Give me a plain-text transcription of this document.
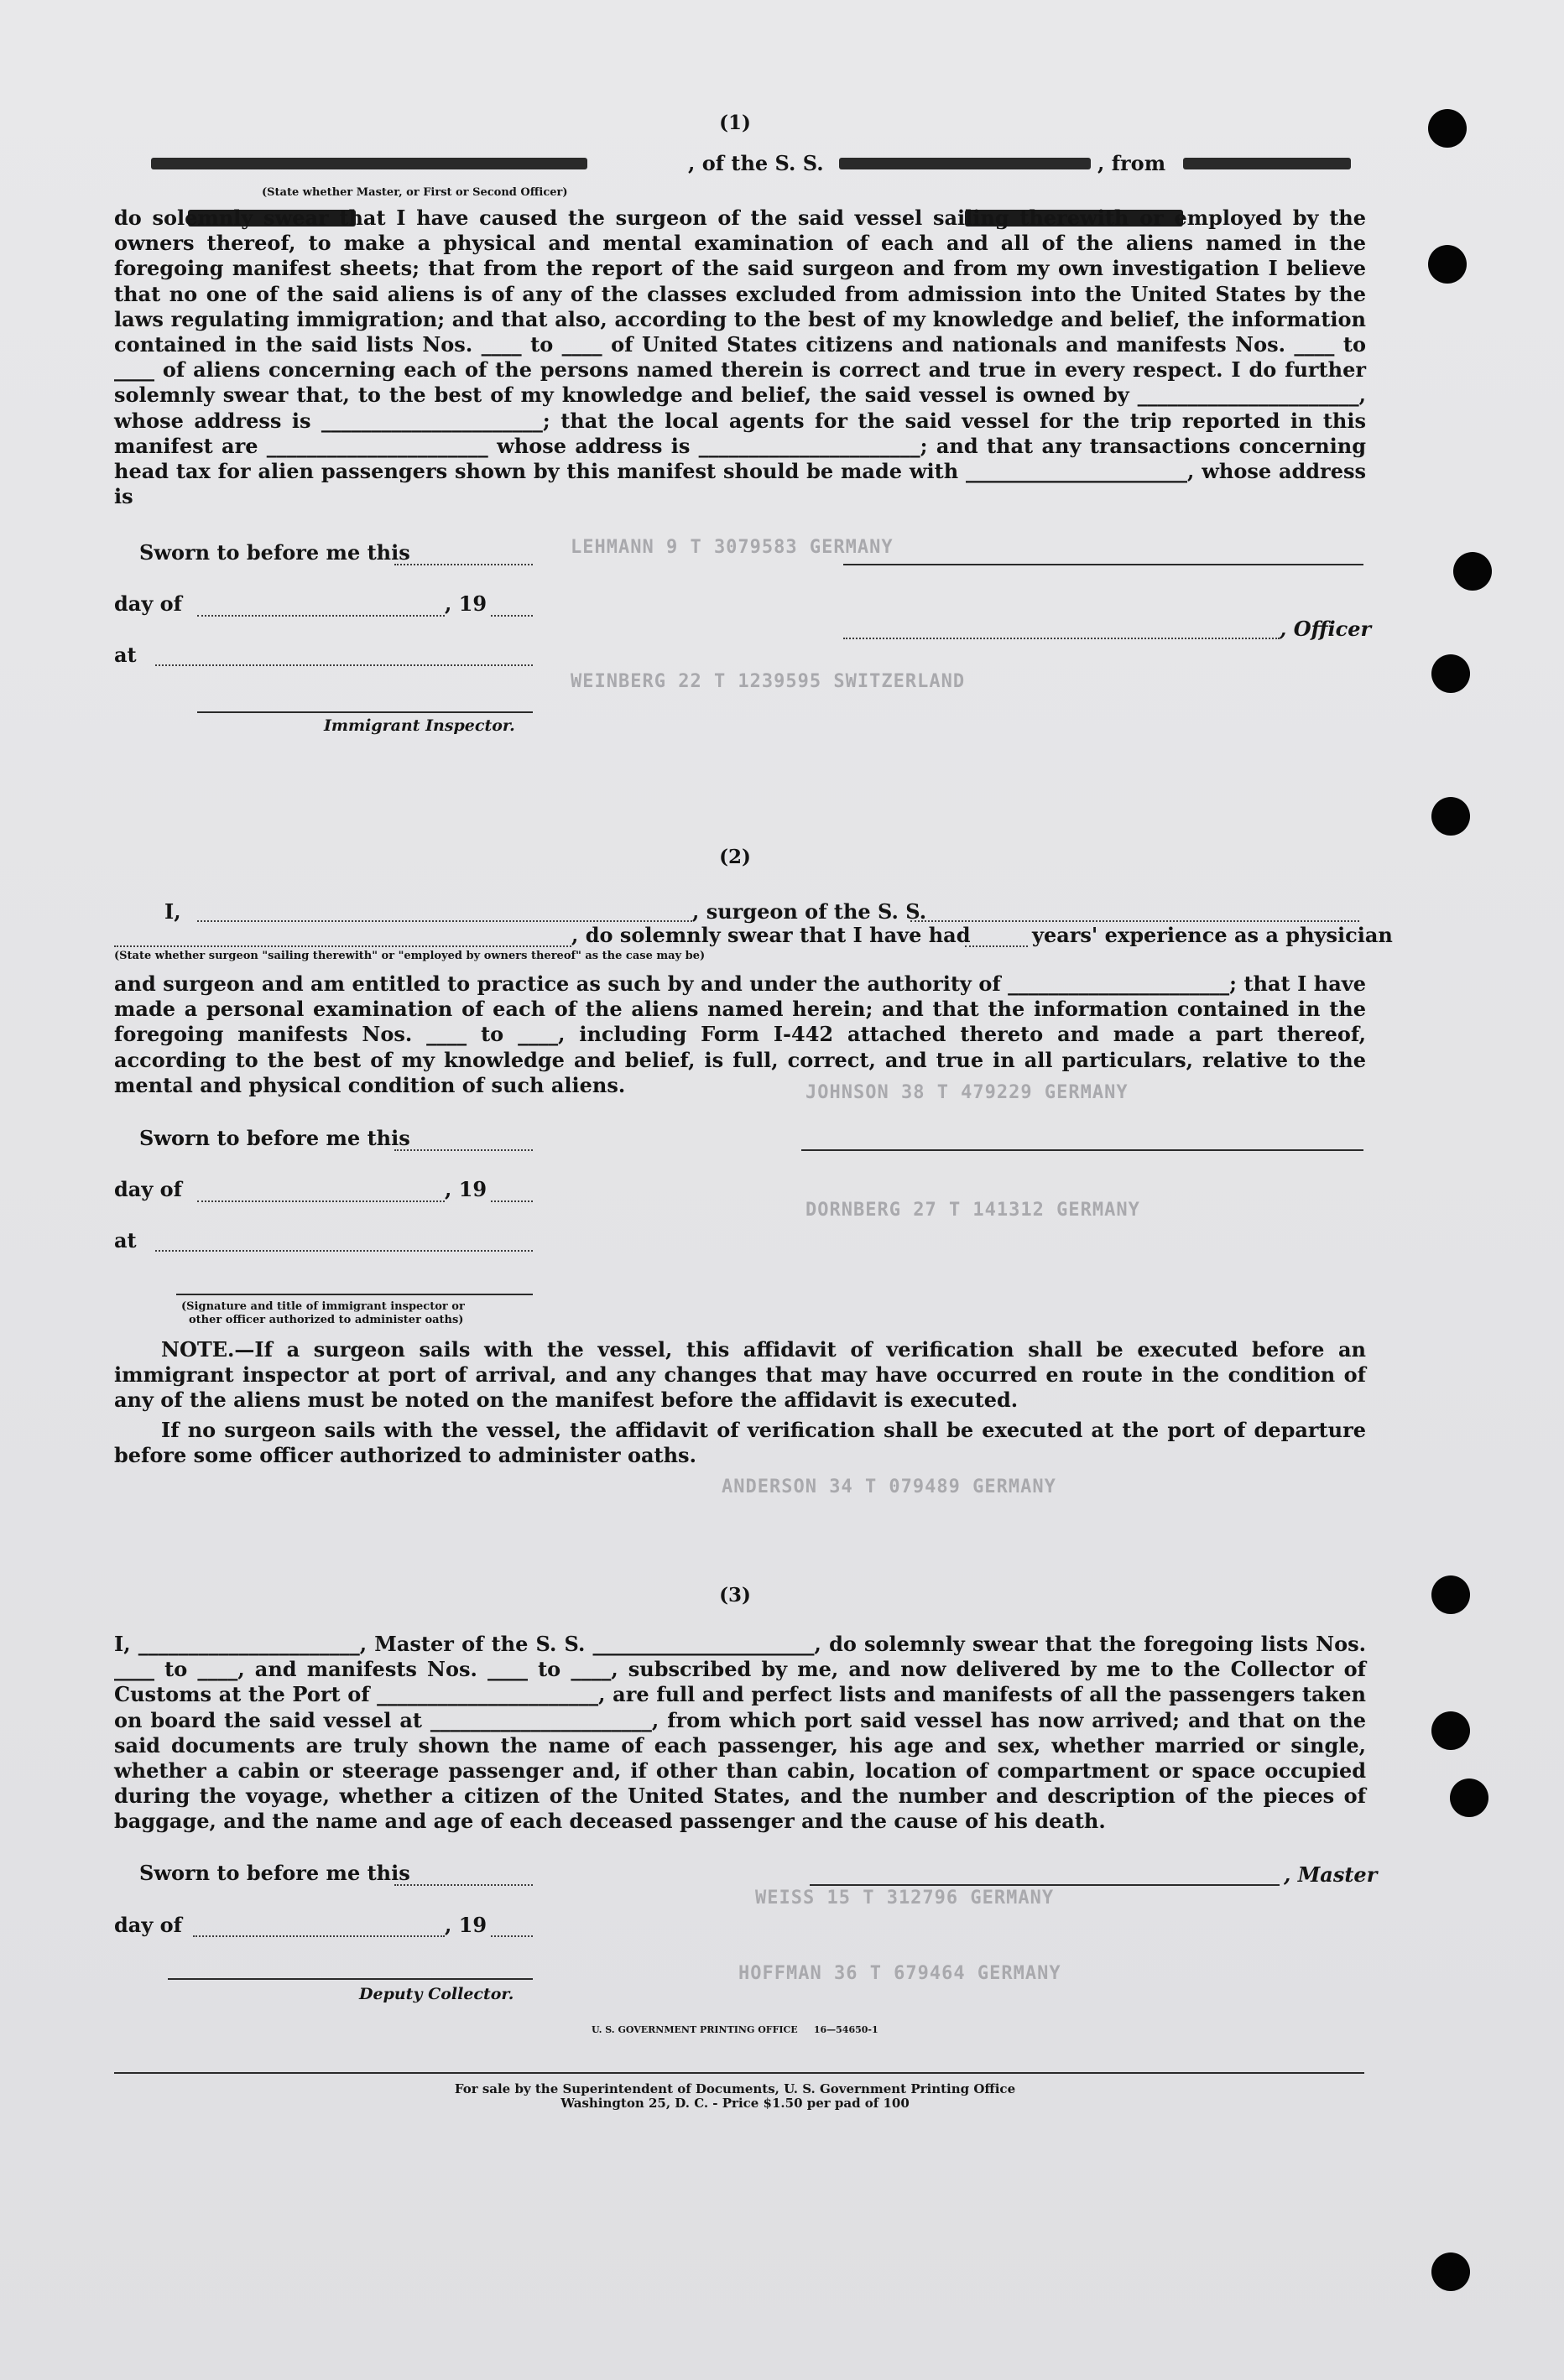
LEHMANN 9 T 3079583 GERMANY
WEINBERG 22 T 1239595 SWITZERLAND
JOHNSON 38 T 479229 GERMANY
DORNBERG 27 T 141312 GERMANY
ANDERSON 34 T 079489 GERMANY
WEISS 15 T 312796 GERMANY
HOFFMAN 36 T 679464 GERMANY
(1)
, of the S. S.	, from
(State whether Master, or First or Second Officer)
do solemnly swear that I have caused the surgeon of the said vessel sailing therewith or employed by the owners thereof, to make a physical and mental examination of each and all of the aliens named in the foregoing manifest sheets; that from the report of the said surgeon and from my own investigation I believe that no one of the said aliens is of any of the classes excluded from admission into the United States by the laws regulating immigration; and that also, according to the best of my knowledge and belief, the information contained in the said lists Nos. ____ to ____ of United States citizens and nationals and manifests Nos. ____ to ____ of aliens concerning each of the persons named therein is correct and true in every respect. I do further solemnly swear that, to the best of my knowledge and belief, the said vessel is owned by ______________________, whose address is ______________________; that the local agents for the said vessel for the trip reported in this manifest are ______________________ whose address is ______________________; and that any transactions concerning head tax for alien passengers shown by this manifest should be made with ______________________, whose address is
Sworn to before me this
day of	, 19
, Officer
at
Immigrant Inspector.
(2)
I,	, surgeon of the S. S.
, do solemnly swear that I have had	years' experience as a physician
(State whether surgeon "sailing therewith" or "employed by owners thereof" as the case may be)
and surgeon and am entitled to practice as such by and under the authority of ______________________; that I have made a personal examination of each of the aliens named herein; and that the information contained in the foregoing manifests Nos. ____ to ____, including Form I-442 attached thereto and made a part thereof, according to the best of my knowledge and belief, is full, correct, and true in all particulars, relative to the mental and physical condition of such aliens.
Sworn to before me this
day of	, 19
at
(Signature and title of immigrant inspector or
other officer authorized to administer oaths)
NOTE.—If a surgeon sails with the vessel, this affidavit of verification shall be executed before an immigrant inspector at port of arrival, and any changes that may have occurred en route in the condition of any of the aliens must be noted on the manifest before the affidavit is executed.
If no surgeon sails with the vessel, the affidavit of verification shall be executed at the port of departure before some officer authorized to administer oaths.
(3)
I, ______________________, Master of the S. S. ______________________, do solemnly swear that the foregoing lists Nos. ____ to ____, and manifests Nos. ____ to ____, subscribed by me, and now delivered by me to the Collector of Customs at the Port of ______________________, are full and perfect lists and manifests of all the passengers taken on board the said vessel at ______________________, from which port said vessel has now arrived; and that on the said documents are truly shown the name of each passenger, his age and sex, whether married or single, whether a cabin or steerage passenger and, if other than cabin, location of compartment or space occupied during the voyage, whether a citizen of the United States, and the number and description of the pieces of baggage, and the name and age of each deceased passenger and the cause of his death.
Sworn to before me this	, Master
day of	, 19
Deputy Collector.
U. S. GOVERNMENT PRINTING OFFICE     16—54650-1
For sale by the Superintendent of Documents, U. S. Government Printing Office
Washington 25, D. C. - Price $1.50 per pad of 100
